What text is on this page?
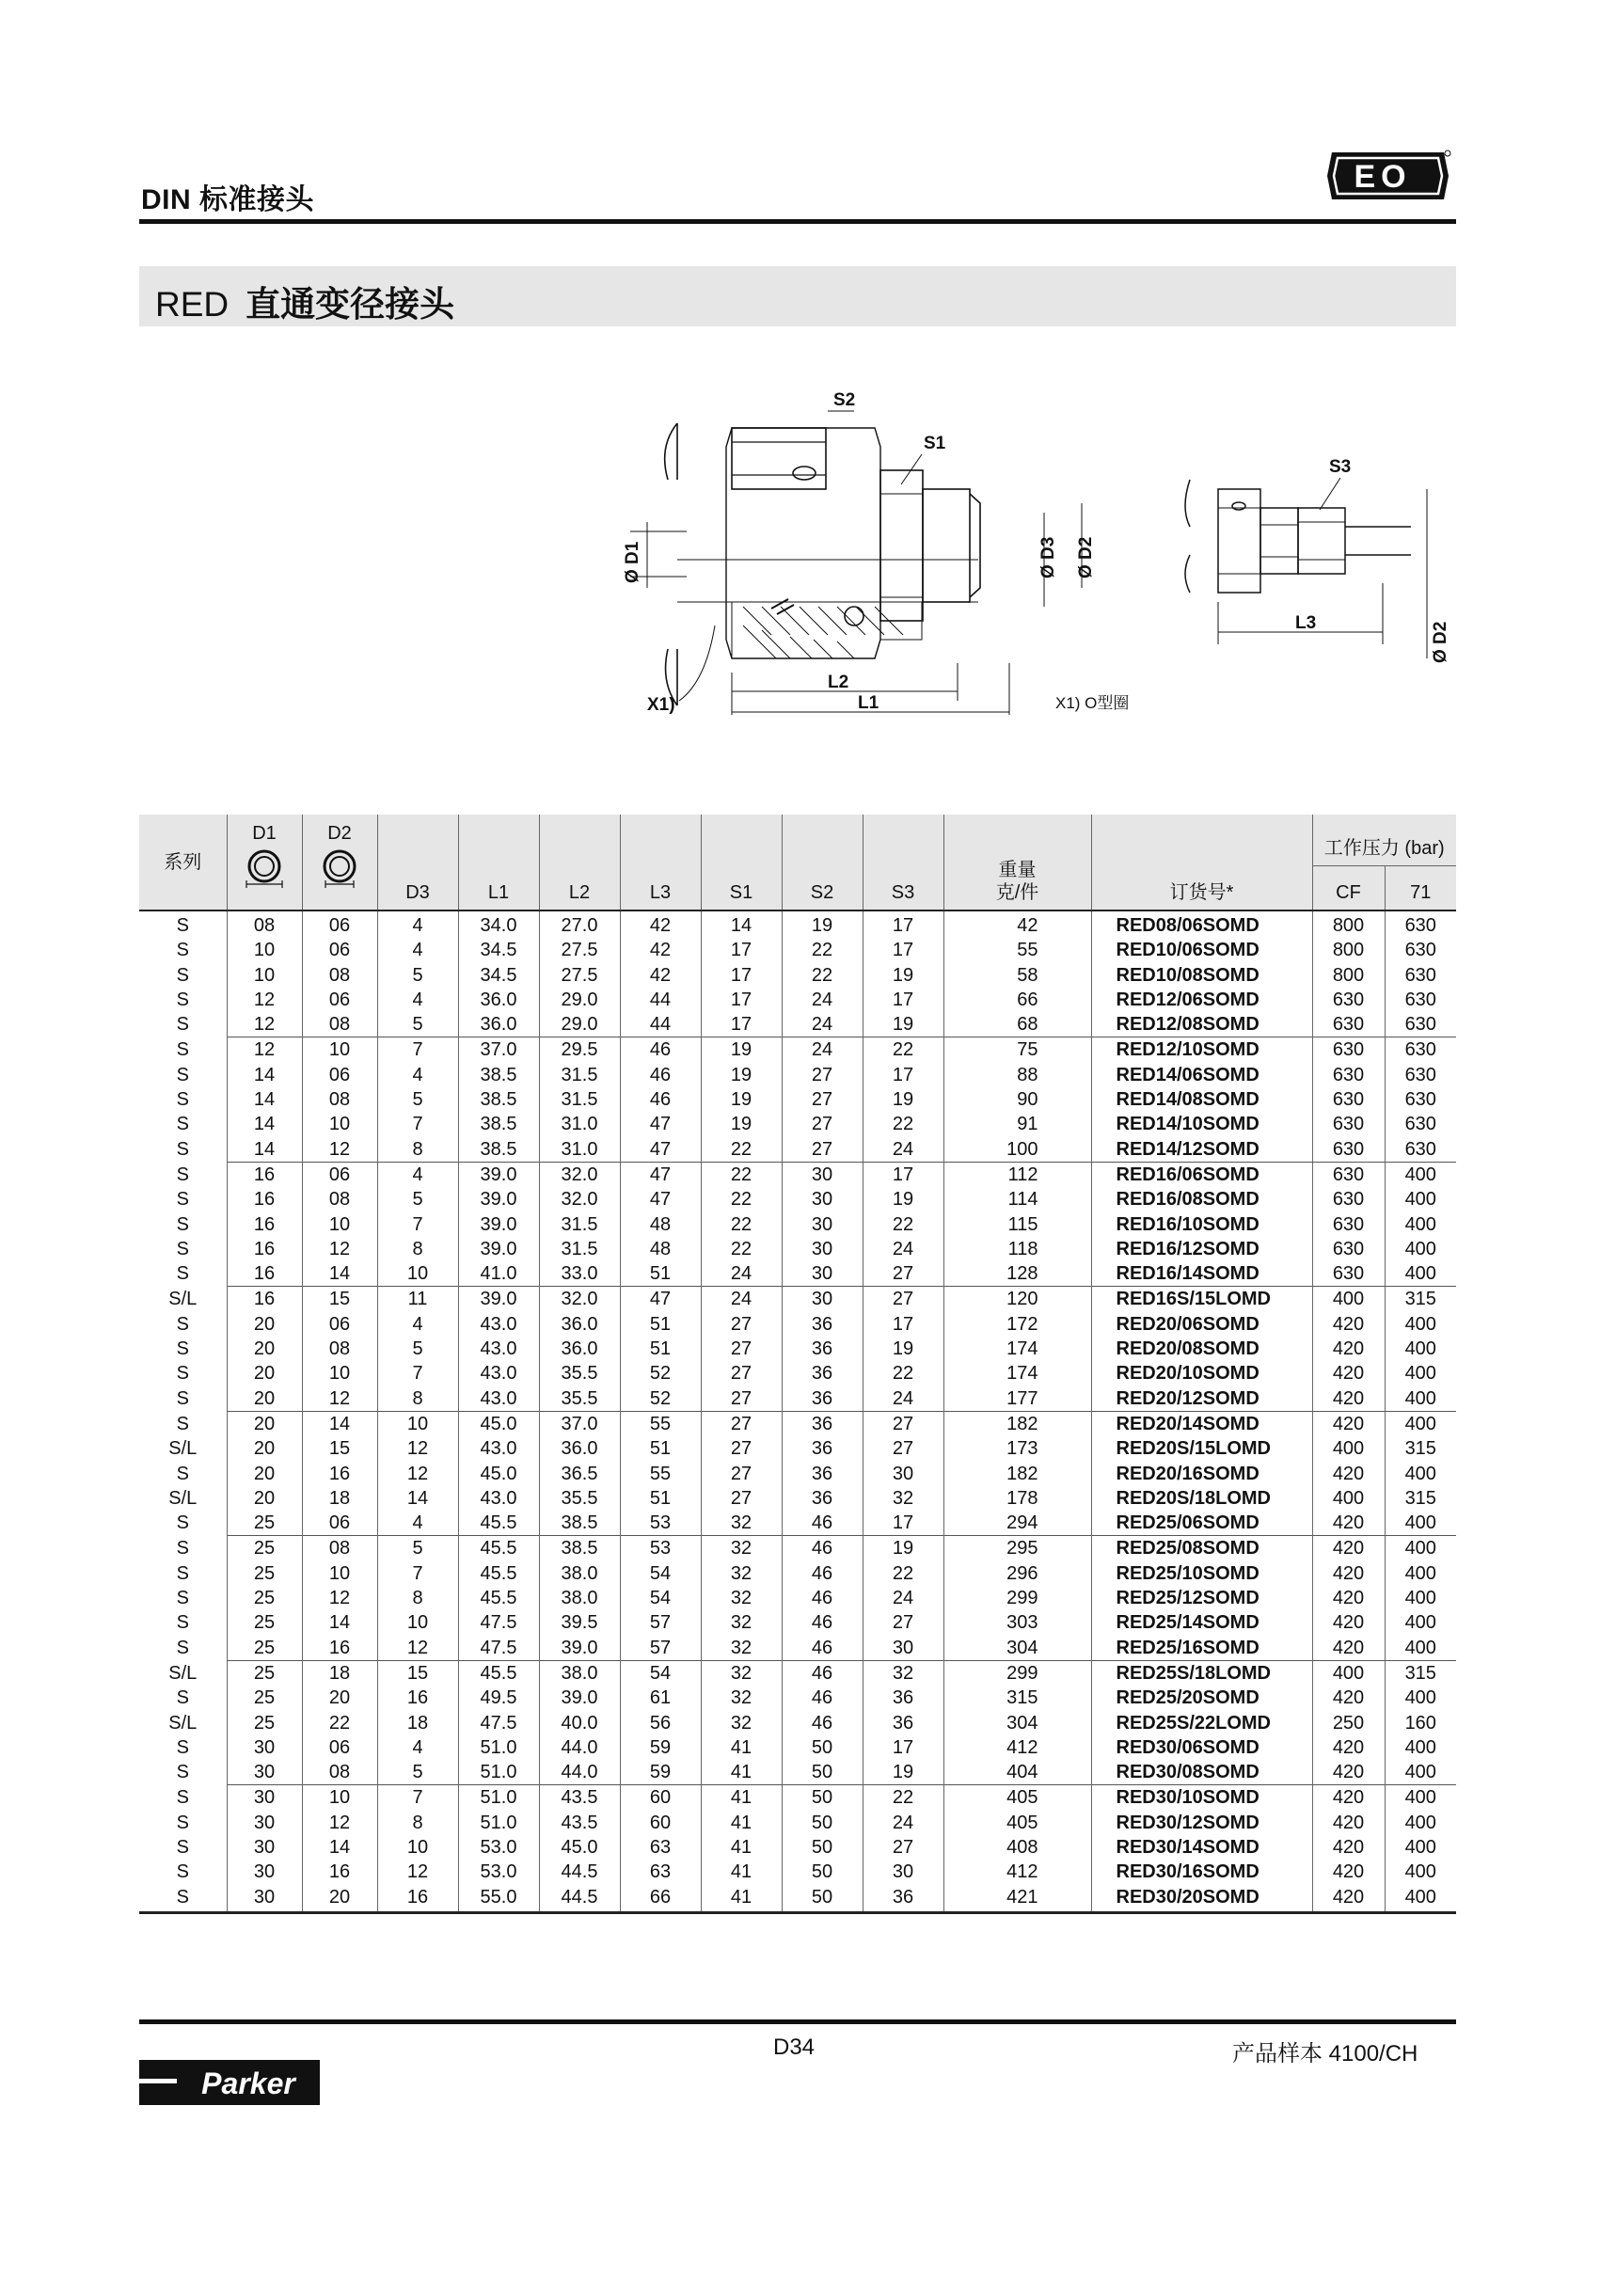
DIN 标准接头
EO
RED 直通变径接头
S2
S1
Ø D1	Ø D3 Ø D2
L2
L1
X1)	X1) O型圈
S3
L3	Ø D2
系列	D1	D2	D3	L1	L2	L3	S1	S2	S3	重量
克/件	订货号*	工作压力 (bar)	
												CF	71
S	08	06	4	34.0	27.0	42	14	19	17	42	RED08/06SOMD	800	630
S	10	06	4	34.5	27.5	42	17	22	17	55	RED10/06SOMD	800	630
S	10	08	5	34.5	27.5	42	17	22	19	58	RED10/08SOMD	800	630
S	12	06	4	36.0	29.0	44	17	24	17	66	RED12/06SOMD	630	630
S	12	08	5	36.0	29.0	44	17	24	19	68	RED12/08SOMD	630	630
S	12	10	7	37.0	29.5	46	19	24	22	75	RED12/10SOMD	630	630
S	14	06	4	38.5	31.5	46	19	27	17	88	RED14/06SOMD	630	630
S	14	08	5	38.5	31.5	46	19	27	19	90	RED14/08SOMD	630	630
S	14	10	7	38.5	31.0	47	19	27	22	91	RED14/10SOMD	630	630
S	14	12	8	38.5	31.0	47	22	27	24	100	RED14/12SOMD	630	630
S	16	06	4	39.0	32.0	47	22	30	17	112	RED16/06SOMD	630	400
S	16	08	5	39.0	32.0	47	22	30	19	114	RED16/08SOMD	630	400
S	16	10	7	39.0	31.5	48	22	30	22	115	RED16/10SOMD	630	400
S	16	12	8	39.0	31.5	48	22	30	24	118	RED16/12SOMD	630	400
S	16	14	10	41.0	33.0	51	24	30	27	128	RED16/14SOMD	630	400
S/L	16	15	11	39.0	32.0	47	24	30	27	120	RED16S/15LOMD	400	315
S	20	06	4	43.0	36.0	51	27	36	17	172	RED20/06SOMD	420	400
S	20	08	5	43.0	36.0	51	27	36	19	174	RED20/08SOMD	420	400
S	20	10	7	43.0	35.5	52	27	36	22	174	RED20/10SOMD	420	400
S	20	12	8	43.0	35.5	52	27	36	24	177	RED20/12SOMD	420	400
S	20	14	10	45.0	37.0	55	27	36	27	182	RED20/14SOMD	420	400
S/L	20	15	12	43.0	36.0	51	27	36	27	173	RED20S/15LOMD	400	315
S	20	16	12	45.0	36.5	55	27	36	30	182	RED20/16SOMD	420	400
S/L	20	18	14	43.0	35.5	51	27	36	32	178	RED20S/18LOMD	400	315
S	25	06	4	45.5	38.5	53	32	46	17	294	RED25/06SOMD	420	400
S	25	08	5	45.5	38.5	53	32	46	19	295	RED25/08SOMD	420	400
S	25	10	7	45.5	38.0	54	32	46	22	296	RED25/10SOMD	420	400
S	25	12	8	45.5	38.0	54	32	46	24	299	RED25/12SOMD	420	400
S	25	14	10	47.5	39.5	57	32	46	27	303	RED25/14SOMD	420	400
S	25	16	12	47.5	39.0	57	32	46	30	304	RED25/16SOMD	420	400
S/L	25	18	15	45.5	38.0	54	32	46	32	299	RED25S/18LOMD	400	315
S	25	20	16	49.5	39.0	61	32	46	36	315	RED25/20SOMD	420	400
S/L	25	22	18	47.5	40.0	56	32	46	36	304	RED25S/22LOMD	250	160
S	30	06	4	51.0	44.0	59	41	50	17	412	RED30/06SOMD	420	400
S	30	08	5	51.0	44.0	59	41	50	19	404	RED30/08SOMD	420	400
S	30	10	7	51.0	43.5	60	41	50	22	405	RED30/10SOMD	420	400
S	30	12	8	51.0	43.5	60	41	50	24	405	RED30/12SOMD	420	400
S	30	14	10	53.0	45.0	63	41	50	27	408	RED30/14SOMD	420	400
S	30	16	12	53.0	44.5	63	41	50	30	412	RED30/16SOMD	420	400
S	30	20	16	55.0	44.5	66	41	50	36	421	RED30/20SOMD	420	400
Parker
D34	产品样本 4100/CH
